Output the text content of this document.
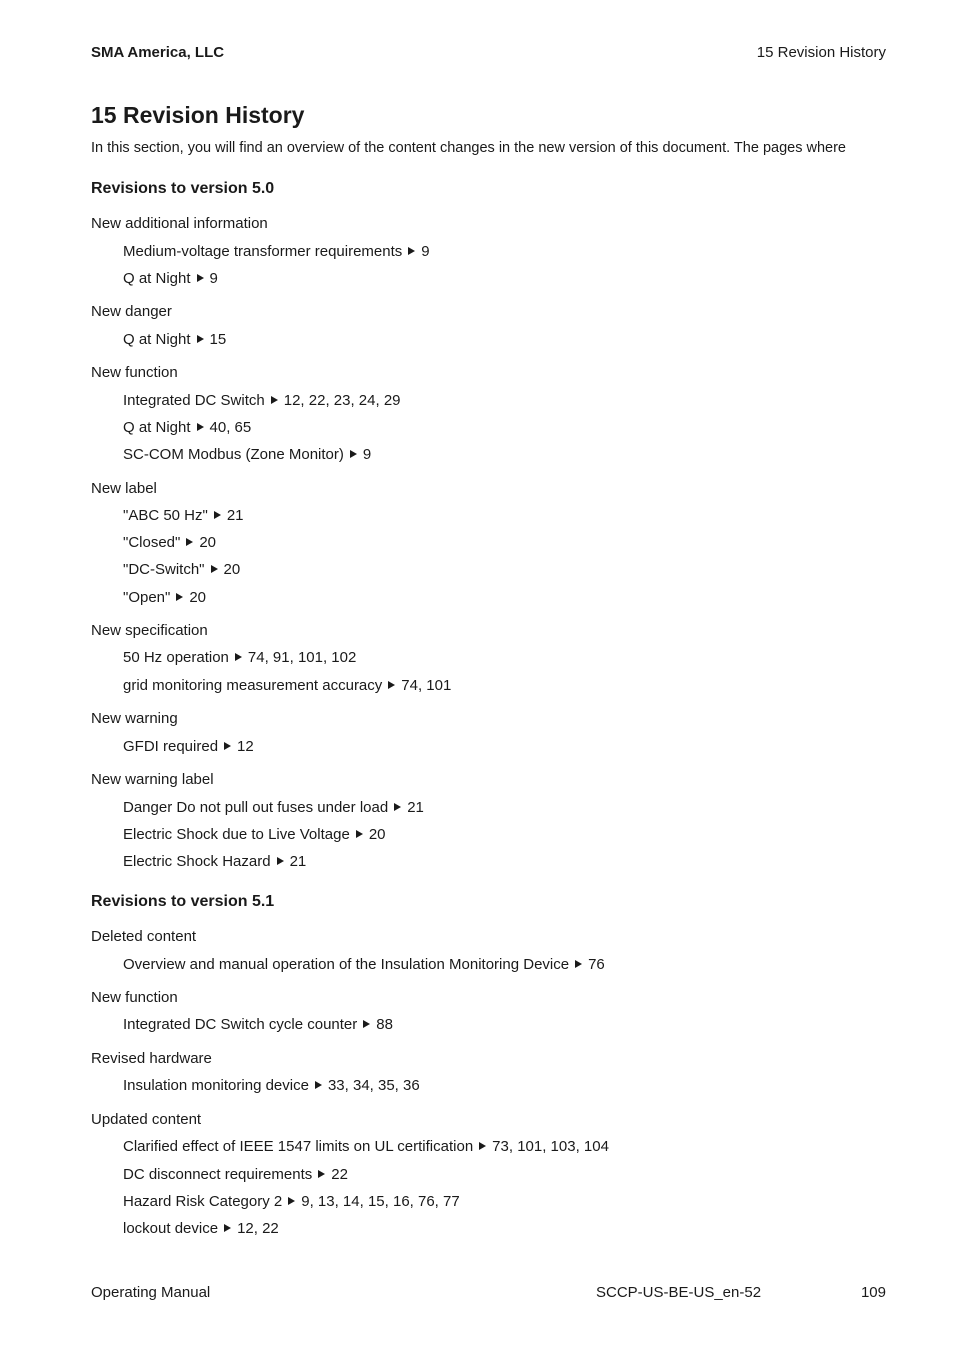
SMA America, LLC	15 Revision History
15 Revision History
In this section, you will find an overview of the content changes in the new version of this document. The pages where
Revisions to version 5.0
New additional information
Medium-voltage transformer requirements 9
Q at Night 9
New danger
Q at Night 15
New function
Integrated DC Switch 12, 22, 23, 24, 29
Q at Night 40, 65
SC-COM Modbus (Zone Monitor) 9
New label
"ABC 50 Hz" 21
"Closed" 20
"DC-Switch" 20
"Open" 20
New specification
50 Hz operation 74, 91, 101, 102
grid monitoring measurement accuracy 74, 101
New warning
GFDI required 12
New warning label
Danger Do not pull out fuses under load 21
Electric Shock due to Live Voltage 20
Electric Shock Hazard 21
Revisions to version 5.1
Deleted content
Overview and manual operation of the Insulation Monitoring Device 76
New function
Integrated DC Switch cycle counter 88
Revised hardware
Insulation monitoring device 33, 34, 35, 36
Updated content
Clarified effect of IEEE 1547 limits on UL certification 73, 101, 103, 104
DC disconnect requirements 22
Hazard Risk Category 2 9, 13, 14, 15, 16, 76, 77
lockout device 12, 22
Operating Manual	SCCP-US-BE-US_en-52	109
